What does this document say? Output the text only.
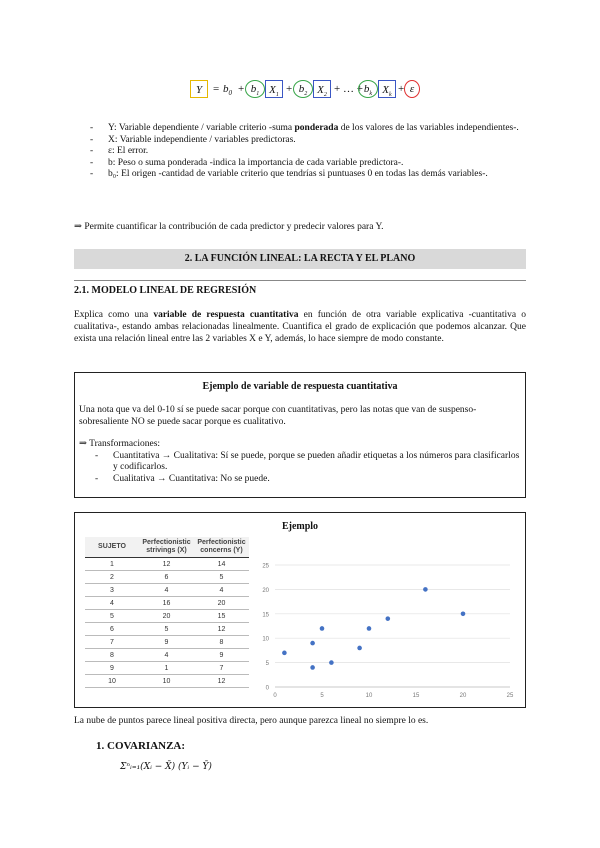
$Y = b_0 + b_1$ $X_1$
+ $b_2$ $X_2$
+ … + $b_k$ $X_k$
+ ε
- Y: Variable dependiente / variable criterio -suma ponderada de los valores de las variables independientes-.
- X: Variable independiente / variables predictoras.
- ε: El error.
- b: Peso o suma ponderada -indica la importancia de cada variable predictora-.
- b₀: El origen -cantidad de variable criterio que tendrías si puntuases 0 en todas las demás variables-.
⇒ Permite cuantificar la contribución de cada predictor y predecir valores para Y.
2. LA FUNCIÓN LINEAL: LA RECTA Y EL PLANO
2.1. MODELO LINEAL DE REGRESIÓN

Explica como una variable de respuesta cuantitativa en función de otra variable explicativa -cuantitativa o cualitativa-, estando ambas relacionadas linealmente. Cuantifica el grado de explicación que podemos alcanzar. Que exista una relación lineal entre las 2 variables X e Y, además, lo hace siempre de modo constante.

Ejemplo de variable de respuesta cuantitativa
Una nota que va del 0-10 sí se puede sacar porque con cuantitativas, pero las notas que van de suspenso-sobresaliente NO se puede sacar porque es cualitativo.
⇒ Transformaciones:
- Cuantitativa → Cualitativa: Sí se puede, porque se pueden añadir etiquetas a los números para clasificarlos y codificarlos.
- Cualitativa → Cuantitativa: No se puede.
Ejemplo
SUJETO	Perfectionistic strivings (X)	Perfectionistic concerns (Y)
1	12	14
2	6	5
3	4	4
4	16	20
5	20	15
6	5	12
7	9	8
8	4	9
9	1	7
10	10	12
0
5
10
15
20
25
0	5	10	15	20	25
La nube de puntos parece lineal positiva directa, pero aunque parezca lineal no siempre lo es.
1. COVARIANZA:
Σⁿᵢ₌₁(Xᵢ − X̄) (Yᵢ − Ȳ)
